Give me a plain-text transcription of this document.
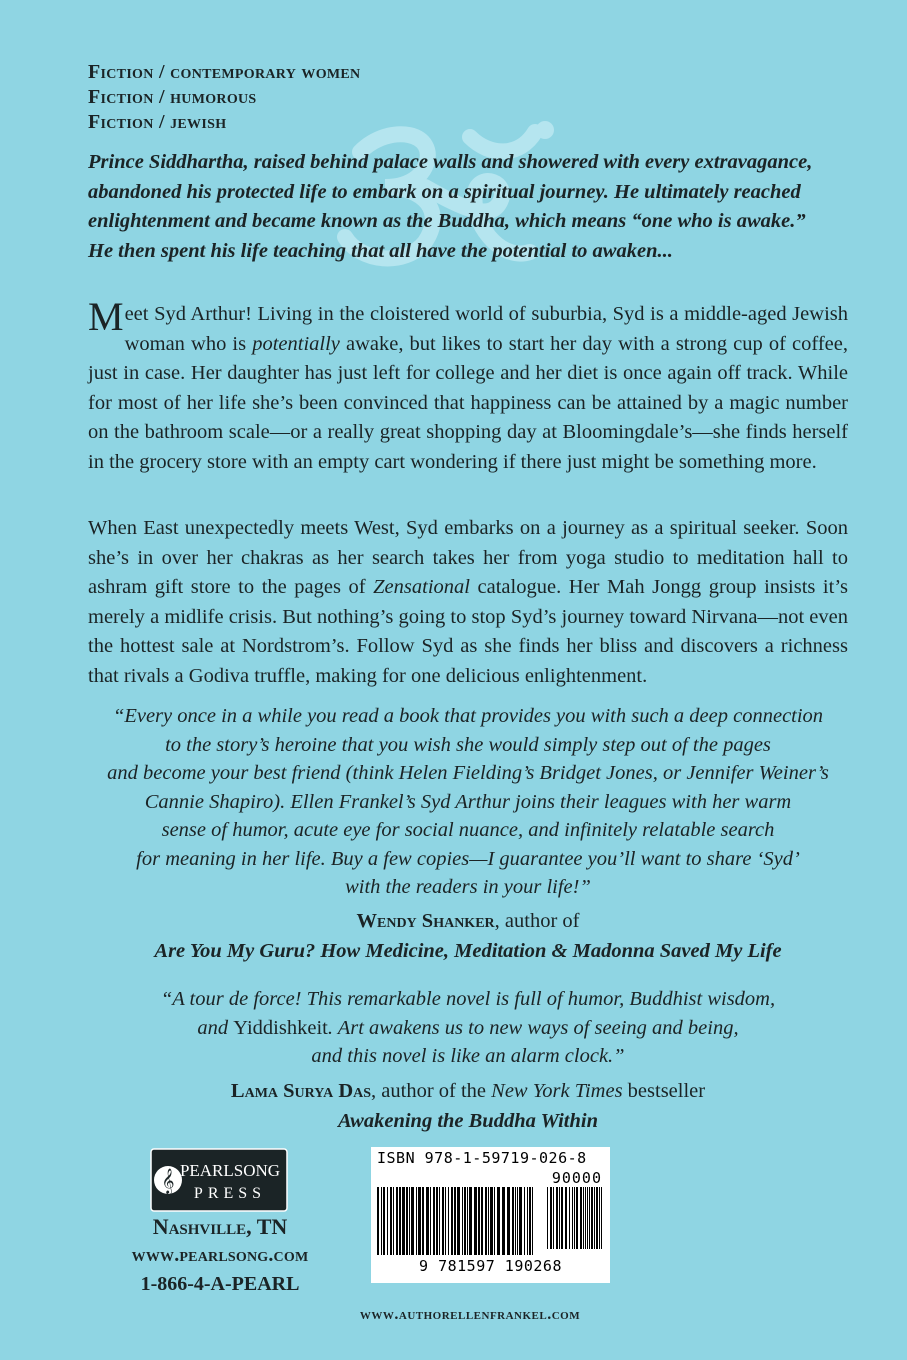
Fiction / contemporary women
Fiction / humorous
Fiction / jewish

Prince Siddhartha, raised behind palace walls and showered with every extravagance, abandoned his protected life to embark on a spiritual journey. He ultimately reached enlightenment and became known as the Buddha, which means “one who is awake.” He then spent his life teaching that all have the potential to awaken...

Meet Syd Arthur! Living in the cloistered world of suburbia, Syd is a middle-aged Jewish woman who is potentially awake, but likes to start her day with a strong cup of coffee, just in case. Her daughter has just left for college and her diet is once again off track. While for most of her life she’s been convinced that happiness can be attained by a magic number on the bathroom scale—or a really great shopping day at Bloomingdale’s—she finds herself in the grocery store with an empty cart wondering if there just might be something more.

When East unexpectedly meets West, Syd embarks on a journey as a spiritual seeker. Soon she’s in over her chakras as her search takes her from yoga studio to meditation hall to ashram gift store to the pages of Zensational catalogue. Her Mah Jongg group insists it’s merely a midlife crisis. But nothing’s going to stop Syd’s journey toward Nirvana—not even the hottest sale at Nordstrom’s. Follow Syd as she finds her bliss and discovers a richness that rivals a Godiva truffle, making for one delicious enlightenment.

“Every once in a while you read a book that provides you with such a deep connection
to the story’s heroine that you wish she would simply step out of the pages
and become your best friend (think Helen Fielding’s Bridget Jones, or Jennifer Weiner’s
Cannie Shapiro). Ellen Frankel’s Syd Arthur joins their leagues with her warm
sense of humor, acute eye for social nuance, and infinitely relatable search
for meaning in her life. Buy a few copies—I guarantee you’ll want to share ‘Syd’
with the readers in your life!”

Wendy Shanker, author of
Are You My Guru? How Medicine, Meditation & Madonna Saved My Life

“A tour de force! This remarkable novel is full of humor, Buddhist wisdom,
and Yiddishkeit. Art awakens us to new ways of seeing and being,
and this novel is like an alarm clock.”

Lama Surya Das, author of the New York Times bestseller
Awakening the Buddha Within

𝄞 PEARLSONG
PRESS
Nashville, TN
www.pearlsong.com
1-866-4-A-PEARL
ISBN 978-1-59719-026-8
90000
9 781597 190268
www.authorellenfrankel.com
